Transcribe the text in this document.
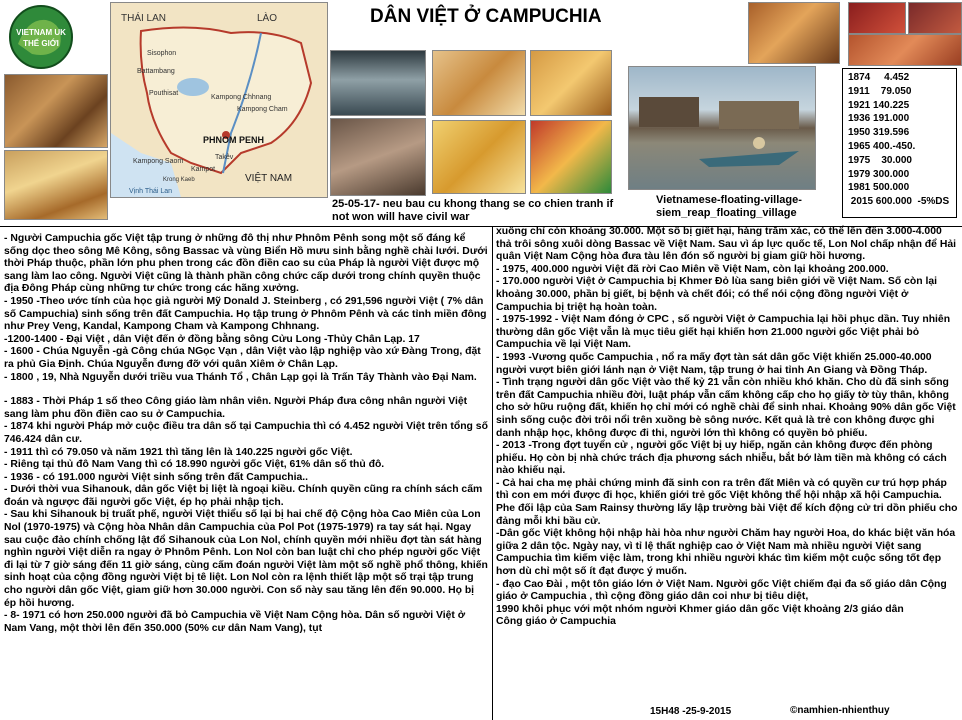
VIETNAM UK
THẾ GIỚI
THÁI LAN	LÀO
Sisophon
Battambang
Pouthisat
Kampong Chhnang
Kampong Cham
PHNOM PENH
Kampong Saom
Kampot
Takêv
Krong Kaeb	VIỆT NAM
Vịnh Thái Lan
DÂN VIỆT Ở CAMPUCHIA
25-05-17- neu bau cu khong thang se co chien tranh if not won will have civil war
Vietnamese-floating-village-siem_reap_floating_village
1874     4.452
1911    79.050
1921 140.225
1936 191.000
1950 319.596
1965 400.-450.
1975    30.000
1979 300.000
1981 500.000
2015 600.000  -5%DS

- Người Campuchia gốc Việt tập trung ở những đô thị như Phnôm Pênh song một số đáng kể sống dọc theo sông Mê Kông, sông Bassac và vùng Biển Hồ mưu sinh bằng nghề chài lưới. Dưới thời Pháp thuộc, phần lớn phu phen trong các đồn điền cao su của Pháp là người Việt được mộ sang làm lao công. Người Việt cũng là thành phần công chức cấp dưới trong chính quyền thuộc địa Đông Pháp cùng những tư chức trong các hãng xưởng.

- 1950 -Theo ước tính của học giả người Mỹ Donald J. Steinberg , có 291,596 người Việt ( 7% dân số Campuchia) sinh sống trên đất Campuchia. Họ tập trung ở Phnôm Pênh và các tỉnh miền đông như Prey Veng, Kandal, Kampong Cham và Kampong Chhnang.

-1200-1400 - Đại Việt , dân Việt đến ở đồng bằng sông Cửu Long -Thủy Chân Lạp. 17

- 1600 - Chúa Nguyễn -gả Công chúa NGọc Vạn , dân Việt vào lập nghiệp vào xứ Đàng Trong, đặt ra phủ Gia Định. Chúa Nguyễn đưng đỡ với quân Xiêm ở Chân Lạp.

- 1800 , 19, Nhà Nguyễn dưới triều vua Thánh Tổ , Chân Lạp gọi là Trấn Tây Thành vào Đại Nam.

- 1883 - Thời Pháp 1 số theo Công giáo làm nhân viên. Người Pháp đưa công nhân người Việt sang làm phu đồn điền cao su ở Campuchia.

- 1874 khi người Pháp mở cuộc điều tra dân số tại Campuchia thì có 4.452 người Việt trên tổng số 746.424 dân cư.

- 1911 thì có 79.050 và năm 1921 thì tăng lên là 140.225 người gốc Việt.

- Riêng tại thủ đô Nam Vang thì có 18.990 người gốc Việt, 61% dân số thủ đô.

- 1936 - có 191.000 người Việt sinh sống trên đất Campuchia..

- Dưới thời vua Sihanouk, dân gốc Việt bị liệt là ngoại kiều. Chính quyền cũng ra chính sách cấm đoán và ngược đãi người gốc Việt, ép họ phải nhập tịch.

- Sau khi Sihanouk bị truất phế, người Việt thiểu số lại bị hai chế độ Cộng hòa Cao Miên của Lon Nol (1970-1975) và Cộng hòa Nhân dân Campuchia của Pol Pot (1975-1979) ra tay sát hại. Ngay sau cuộc đảo chính chống lật đổ Sihanouk của Lon Nol, chính quyền mới nhiều đợt tàn sát hàng nghìn người Việt diễn ra ngay ở Phnôm Pênh. Lon Nol còn ban luật chỉ cho phép người gốc Việt đi lại từ 7 giờ sáng đến 11 giờ sáng, cùng cấm đoán người Việt làm một số nghề phổ thông, khiến sinh hoạt của cộng đồng người Việt bị tê liệt. Lon Nol còn ra lệnh thiết lập một số trại tập trung cho người dân gốc Việt, giam giữ hơn 30.000 người. Con số này sau tăng lên đến 90.000. Họ bị ép hồi hương.

- 8- 1971 có hơn 250.000 người đã bỏ Campuchia về Việt Nam Cộng hòa. Dân số người Việt ở Nam Vang, một thời lên đến 350.000 (50% cư dân Nam Vang), tụt

xuống chỉ còn khoảng 30.000. Một số bị giết hại, hàng trăm xác, có thể lên đến 3.000-4.000 thả trôi sông xuôi dòng Bassac về Việt Nam. Sau vì áp lực quốc tế, Lon Nol chấp nhận để Hải quân Việt Nam Cộng hòa đưa tàu lên đón số người bị giam giữ hồi hương.

- 1975, 400.000 người Việt đã rời Cao Miên về Việt Nam, còn lại khoảng 200.000.

- 170.000 người Việt ở Campuchia bị Khmer Đỏ lùa sang biên giới về Việt Nam. Số còn lại khoảng 30.000, phần bị giết, bị bệnh và chết đói; có thể nói cộng đồng người Việt ở Campuchia bị triệt hạ hoàn toàn.

- 1975-1992 - Việt Nam đóng ở CPC , số người Việt ở Campuchia lại hồi phục dần. Tuy nhiên thường dân gốc Việt vẫn là mục tiêu giết hại khiến hơn 21.000 người gốc Việt phải bỏ Campuchia về lại Việt Nam.

- 1993 -Vương quốc Campuchia , nổ ra mấy đợt tàn sát dân gốc Việt khiến 25.000-40.000 người vượt biên giới lánh nạn ở Việt Nam, tập trung ở hai tỉnh An Giang và Đồng Tháp.

- Tình trạng người dân gốc Việt vào thế kỷ 21 vẫn còn nhiều khó khăn. Cho dù đã sinh sống trên đất Campuchia nhiều đời, luật pháp vẫn cấm không cấp cho họ giấy tờ tùy thân, không cho sở hữu ruộng đất, khiến họ chỉ mới có nghề chài để sinh nhai. Khoảng 90% dân gốc Việt sinh sống cuộc đời trôi nổi trên xuồng bè sông nước. Kết quả là trẻ con không được ghi danh nhập học, không được đi thi, người lớn thì không có quyền bỏ phiếu.

- 2013 -Trong đợt tuyển cử , người gốc Việt bị uy hiếp, ngăn cản không được đến phòng phiếu. Họ còn bị nhà chức trách địa phương sách nhiễu, bắt bớ làm tiền mà không có cách nào khiếu nại.

- Cả hai cha mẹ phải chứng minh đã sinh con ra trên đất Miên và có quyền cư trú hợp pháp thì con em mới được đi học, khiến giới trẻ gốc Việt không thể hội nhập xã hội Campuchia. Phe đối lập của Sam Rainsy thường lấy lập trường bài Việt để kích động cử tri dồn phiếu cho đảng mỗi khi bầu cử.

-Dân gốc Việt không hội nhập hài hòa như người Chăm hay người Hoa, do khác biệt văn hóa giữa 2 dân tộc. Ngày nay, vì tỉ lệ thất nghiệp cao ở Việt Nam mà nhiều người Việt sang Campuchia tìm kiếm việc làm, trong khi nhiều người khác tìm kiếm một cuộc sống tốt đẹp hơn dù chỉ một số ít đạt được ý muốn.

- đạo Cao Đài , một tôn giáo lớn ở Việt Nam. Người gốc Việt chiếm đại đa số giáo dân Cộng giáo ở Campuchia , thì cộng đồng giáo dân coi như bị tiêu diệt,

1990 khôi phục với một nhóm người Khmer giáo dân gốc Việt khoảng 2/3 giáo dân

Công giáo ở Campuchia

15H48 -25-9-2015	©namhien-nhienthuy
